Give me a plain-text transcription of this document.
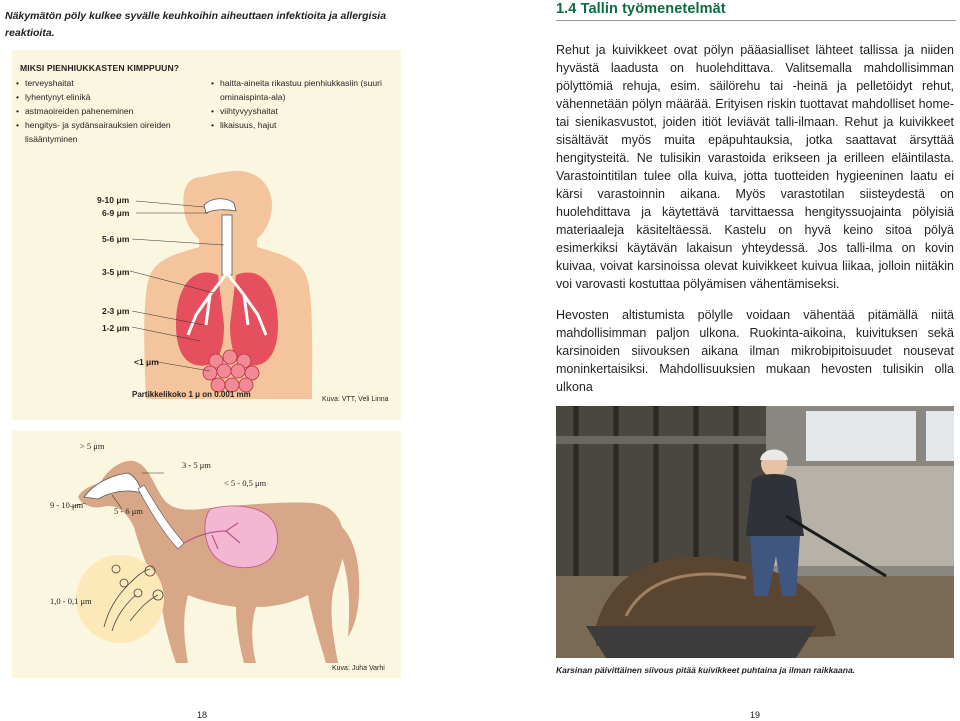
Näkymätön pöly kulkee syvälle keuhkoihin aiheuttaen infektioita ja allergisia reaktioita.
MIKSI PIENHIUKKASTEN KIMPPUUN?
• terveyshaitat
• lyhentynyt elinikä
• astmaoireiden paheneminen
• hengitys- ja sydänsairauksien oireiden lisääntyminen
• haitta-aineita rikastuu pienhiukkasiin (suuri ominaispinta-ala)
• viihtyvyyshaitat
• likaisuus, hajut
9-10 μm
6-9 μm
5-6 μm
3-5 μm
2-3 μm
1-2 μm
<1 μm
Partikkelikoko 1 μ on 0.001 mm
Kuva: VTT, Veli Linna
> 5 μm
3 - 5 μm
< 5 - 0,5 μm
9 - 10 μm
5 - 6 μm
1,0 - 0,1 μm
Kuva: Juha Varhi
18
1.4 Tallin työmenetelmät
Rehut ja kuivikkeet ovat pölyn pääasialliset lähteet tallissa ja niiden hyvästä laadusta on huolehdittava. Valitsemalla mahdollisimman pölyttömiä rehuja, esim. säilörehu tai -heinä ja pelletöidyt rehut, vähennetään pölyn määrää. Erityisen riskin tuottavat mahdolliset home- tai sienikasvustot, joiden itiöt leviävät talli-ilmaan. Rehut ja kuivikkeet sisältävät myös muita epäpuhtauksia, jotka saattavat ärsyttää hengitysteitä. Ne tulisikin varastoida erikseen ja erilleen eläintilasta. Varastointitilan tulee olla kuiva, jotta tuotteiden hygieeninen laatu ei kärsi varastoinnin aikana. Myös varastotilan siisteydestä on huolehdittava ja käytettävä tarvittaessa hengityssuojainta pölyisiä materiaaleja käsiteltäessä. Kastelu on hyvä keino sitoa pölyä esimerkiksi käytävän lakaisun yhteydessä. Jos talli-ilma on kovin kuivaa, voivat karsinoissa olevat kuivikkeet kuivua liikaa, jolloin niitäkin voi varovasti kostuttaa pölyämisen vähentämiseksi.
Hevosten altistumista pölylle voidaan vähentää pitämällä niitä mahdollisimman paljon ulkona. Ruokinta-aikoina, kuivituksen sekä karsinoiden siivouksen aikana ilman mikrobipitoisuudet nousevat moninkertaisiksi. Mahdollisuuksien mukaan hevosten tulisikin olla ulkona
Karsinan päivittäinen siivous pitää kuivikkeet puhtaina ja ilman raikkaana.
19
